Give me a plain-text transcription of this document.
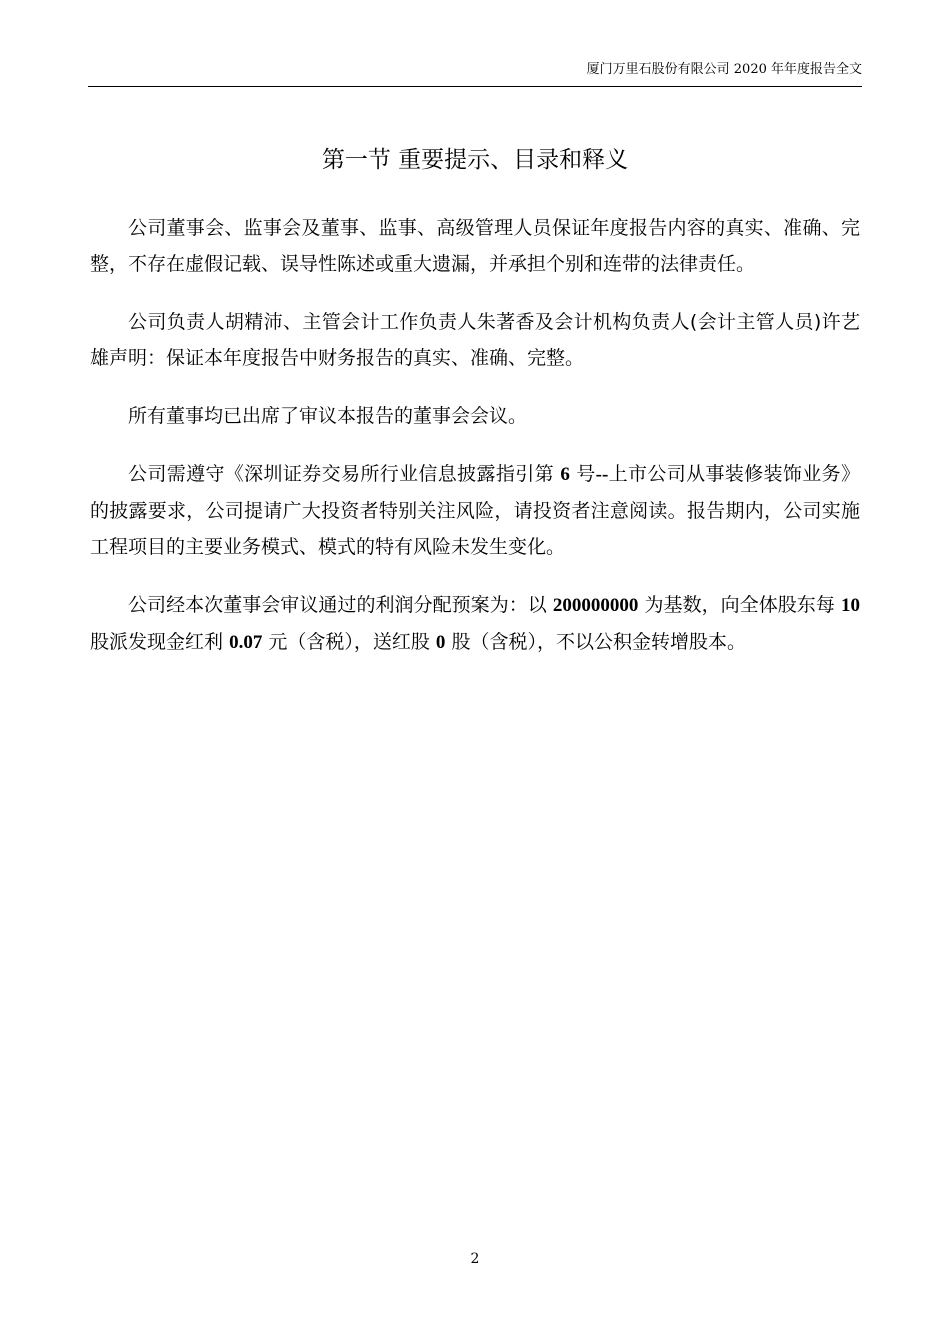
厦门万里石股份有限公司 2020 年年度报告全文
第一节 重要提示、目录和释义

公司董事会、监事会及董事、监事、高级管理人员保证年度报告内容的真实、准确、完整，不存在虚假记载、误导性陈述或重大遗漏，并承担个别和连带的法律责任。

公司负责人胡精沛、主管会计工作负责人朱著香及会计机构负责人(会计主管人员)许艺雄声明：保证本年度报告中财务报告的真实、准确、完整。

所有董事均已出席了审议本报告的董事会会议。

公司需遵守《深圳证券交易所行业信息披露指引第 6 号--上市公司从事装修装饰业务》的披露要求，公司提请广大投资者特别关注风险，请投资者注意阅读。报告期内，公司实施工程项目的主要业务模式、模式的特有风险未发生变化。

公司经本次董事会审议通过的利润分配预案为：以 200000000 为基数，向全体股东每 10 股派发现金红利 0.07 元（含税），送红股 0 股（含税），不以公积金转增股本。

2
